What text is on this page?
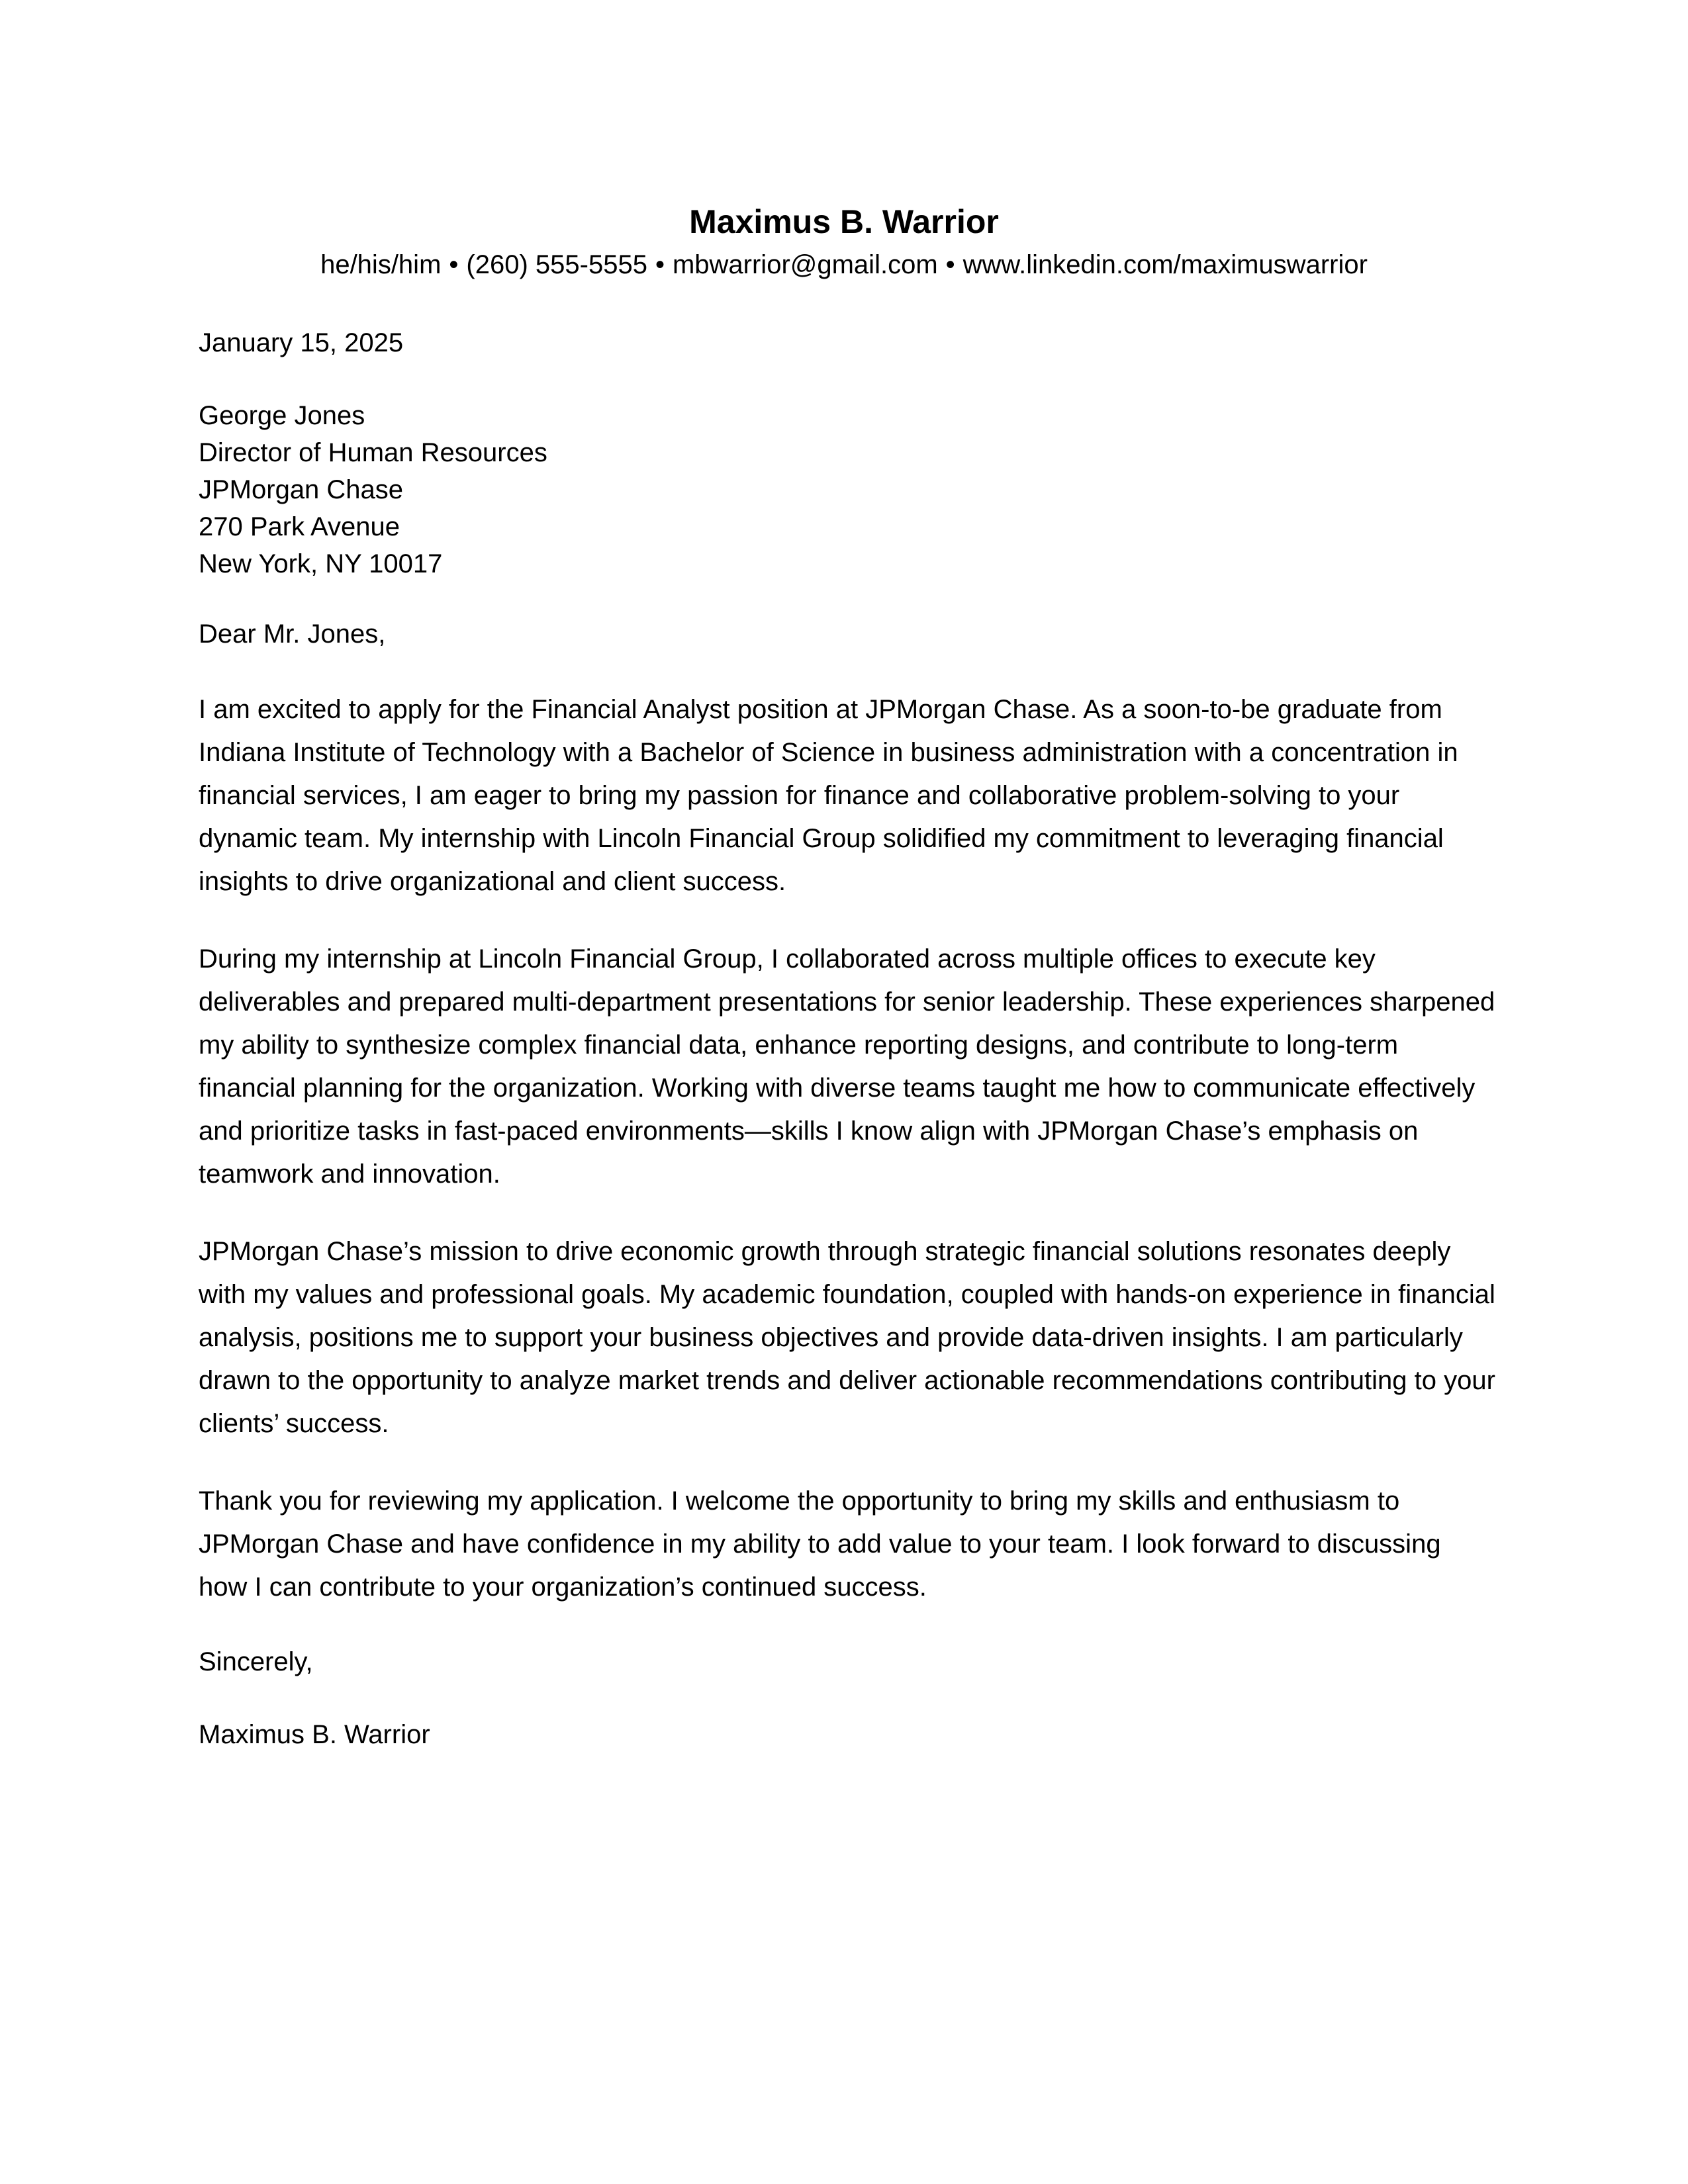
Maximus B. Warrior

he/his/him • (260) 555-5555 • mbwarrior@gmail.com • www.linkedin.com/maximuswarrior

January 15, 2025

George Jones
Director of Human Resources
JPMorgan Chase
270 Park Avenue
New York, NY 10017

Dear Mr. Jones,

I am excited to apply for the Financial Analyst position at JPMorgan Chase. As a soon-to-be graduate from Indiana Institute of Technology with a Bachelor of Science in business administration with a concentration in financial services, I am eager to bring my passion for finance and collaborative problem-solving to your dynamic team. My internship with Lincoln Financial Group solidified my commitment to leveraging financial insights to drive organizational and client success.

During my internship at Lincoln Financial Group, I collaborated across multiple offices to execute key deliverables and prepared multi-department presentations for senior leadership. These experiences sharpened my ability to synthesize complex financial data, enhance reporting designs, and contribute to long-term financial planning for the organization. Working with diverse teams taught me how to communicate effectively and prioritize tasks in fast-paced environments—skills I know align with JPMorgan Chase’s emphasis on teamwork and innovation.

JPMorgan Chase’s mission to drive economic growth through strategic financial solutions resonates deeply with my values and professional goals. My academic foundation, coupled with hands-on experience in financial analysis, positions me to support your business objectives and provide data-driven insights. I am particularly drawn to the opportunity to analyze market trends and deliver actionable recommendations contributing to your clients’ success.

Thank you for reviewing my application. I welcome the opportunity to bring my skills and enthusiasm to JPMorgan Chase and have confidence in my ability to add value to your team. I look forward to discussing how I can contribute to your organization’s continued success.

Sincerely,

Maximus B. Warrior
